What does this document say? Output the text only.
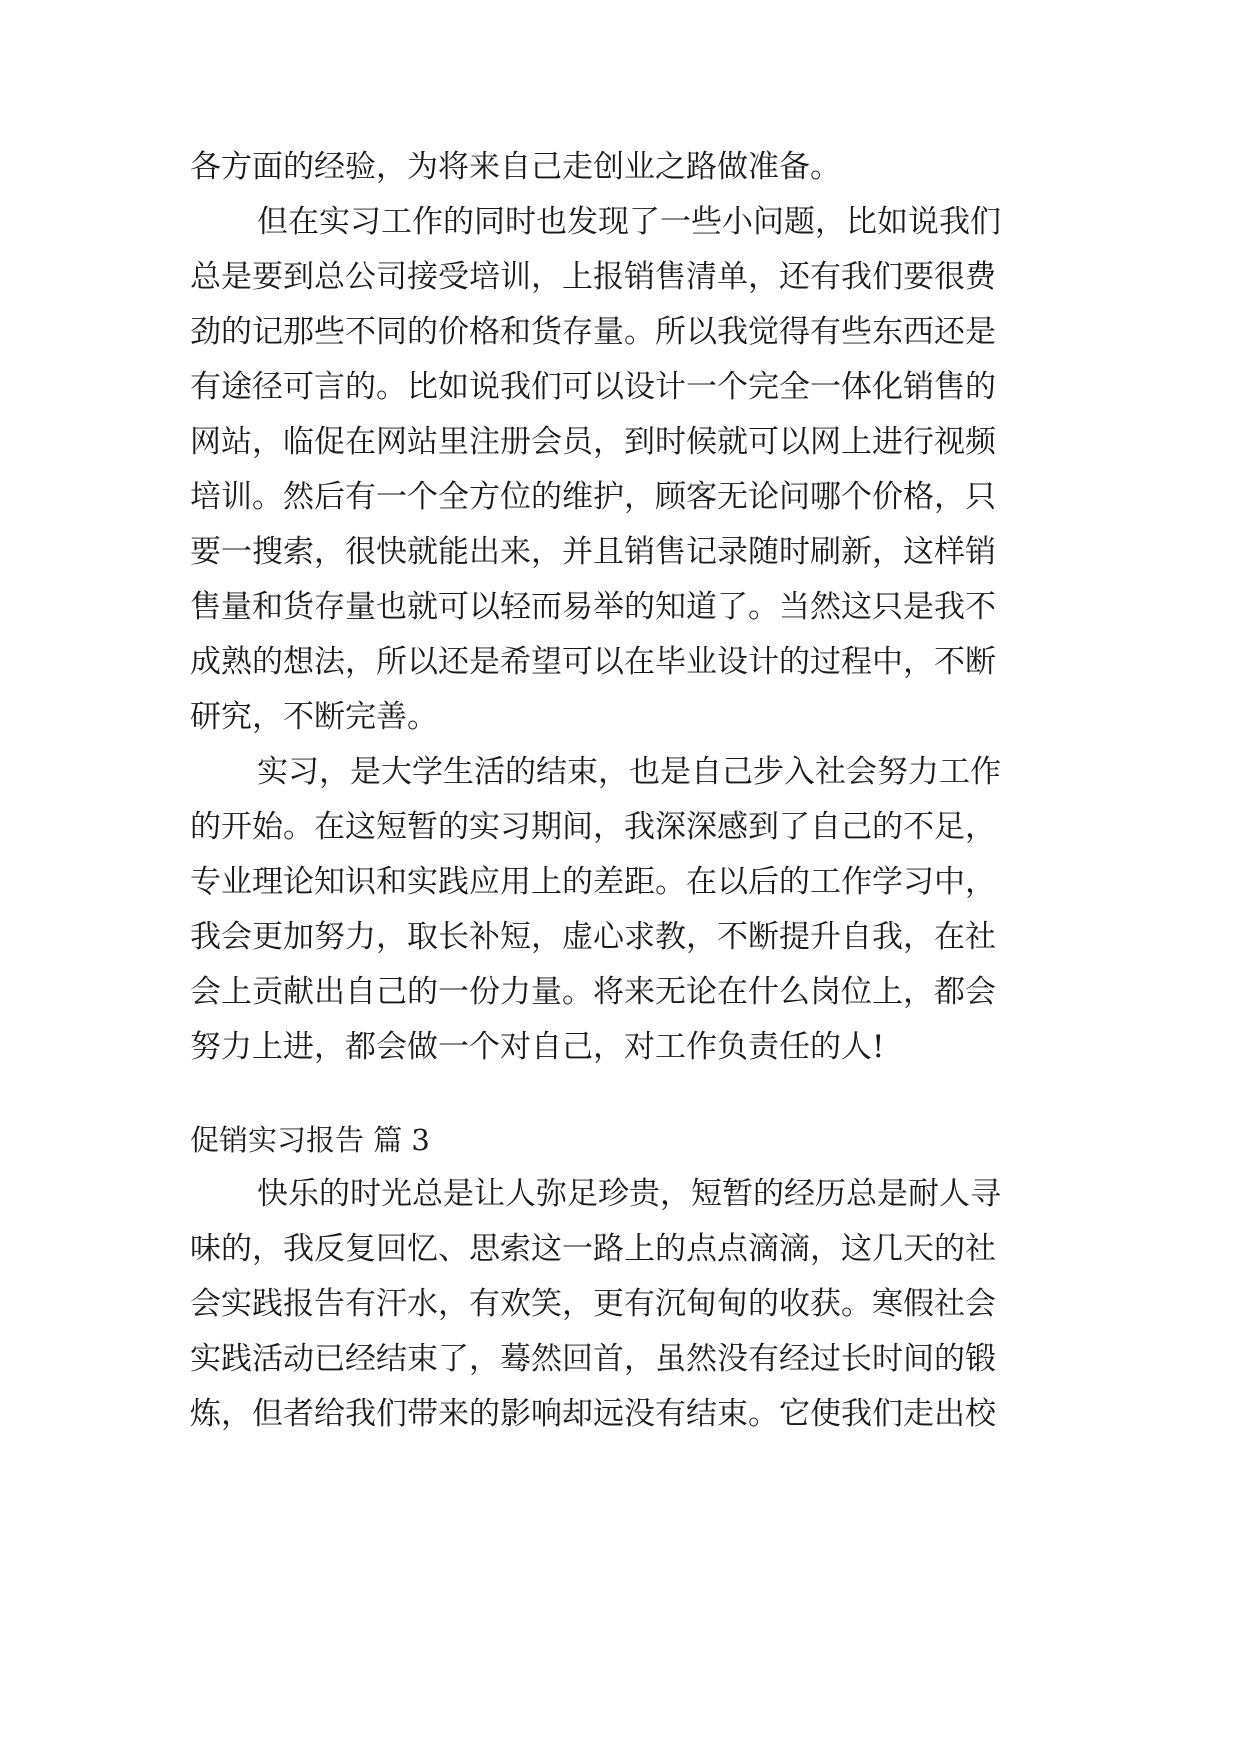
各方面的经验，为将来自己走创业之路做准备。
但在实习工作的同时也发现了一些小问题，比如说我们
总是要到总公司接受培训，上报销售清单，还有我们要很费
劲的记那些不同的价格和货存量。所以我觉得有些东西还是
有途径可言的。比如说我们可以设计一个完全一体化销售的
网站，临促在网站里注册会员，到时候就可以网上进行视频
培训。然后有一个全方位的维护，顾客无论问哪个价格，只
要一搜索，很快就能出来，并且销售记录随时刷新，这样销
售量和货存量也就可以轻而易举的知道了。当然这只是我不
成熟的想法，所以还是希望可以在毕业设计的过程中，不断
研究，不断完善。
实习，是大学生活的结束，也是自己步入社会努力工作
的开始。在这短暂的实习期间，我深深感到了自己的不足，
专业理论知识和实践应用上的差距。在以后的工作学习中，
我会更加努力，取长补短，虚心求教，不断提升自我，在社
会上贡献出自己的一份力量。将来无论在什么岗位上，都会
努力上进，都会做一个对自己，对工作负责任的人!
促销实习报告 篇 3
快乐的时光总是让人弥足珍贵，短暂的经历总是耐人寻
味的，我反复回忆、思索这一路上的点点滴滴，这几天的社
会实践报告有汗水，有欢笑，更有沉甸甸的收获。寒假社会
实践活动已经结束了，蓦然回首，虽然没有经过长时间的锻
炼，但者给我们带来的影响却远没有结束。它使我们走出校
